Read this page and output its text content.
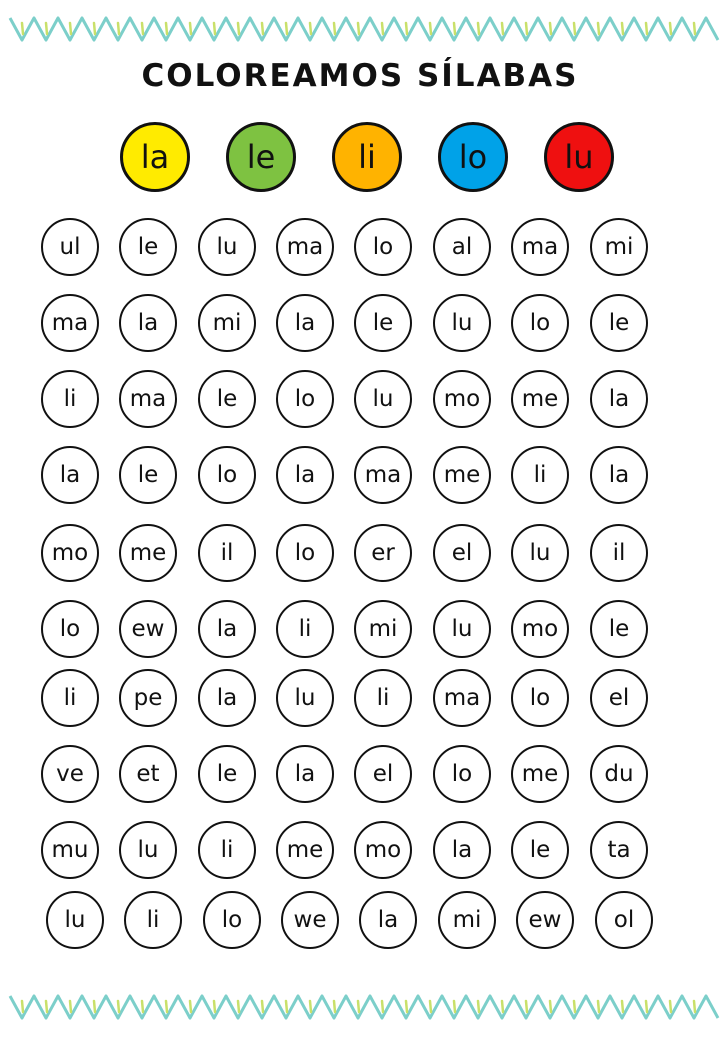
COLOREAMOS SÍLABAS
la le	li	lo lu
ul le	lu ma lo	al ma mi
ma la mi la le	lu lo	le
li ma le	lo lu mo me la
la le	lo	la ma me li	la
mo me il	lo er el lu	il
lo ew la	li mi lu mo le
li pe la lu	li ma lo	el
ve et le la el	lo me du
mu lu	li me mo la le ta
lu	li	lo we la mi ew ol
